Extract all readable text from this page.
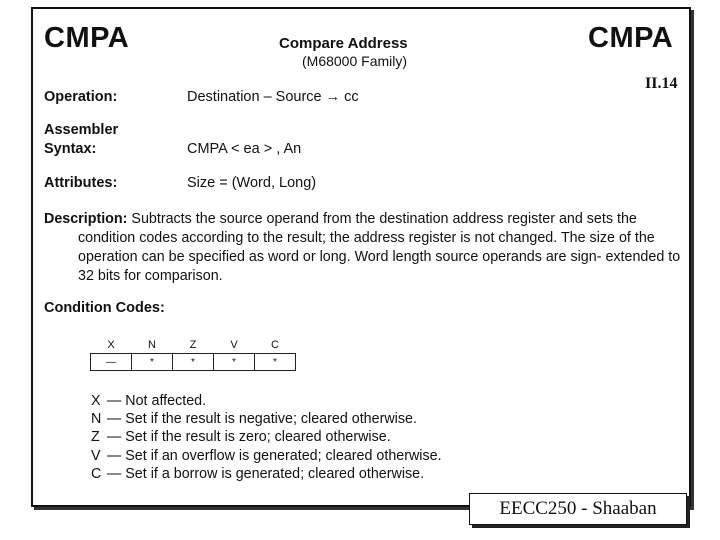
CMPA	CMPA
Compare Address
(M68000 Family)
II.14
Operation:	Destination – Source → cc
Assembler
Syntax:	CMPA < ea > , An
Attributes:	Size = (Word, Long)
Description: Subtracts the source operand from the destination address register and sets the condition codes according to the result; the address register is not changed. The size of the operation can be specified as word or long. Word length source operands are sign- extended to 32 bits for comparison.
Condition Codes:
X	N	Z	V	C
—	*	*	*	*
X — Not affected.
N — Set if the result is negative; cleared otherwise.
Z — Set if the result is zero; cleared otherwise.
V — Set if an overflow is generated; cleared otherwise.
C — Set if a borrow is generated; cleared otherwise.
EECC250 - Shaaban
